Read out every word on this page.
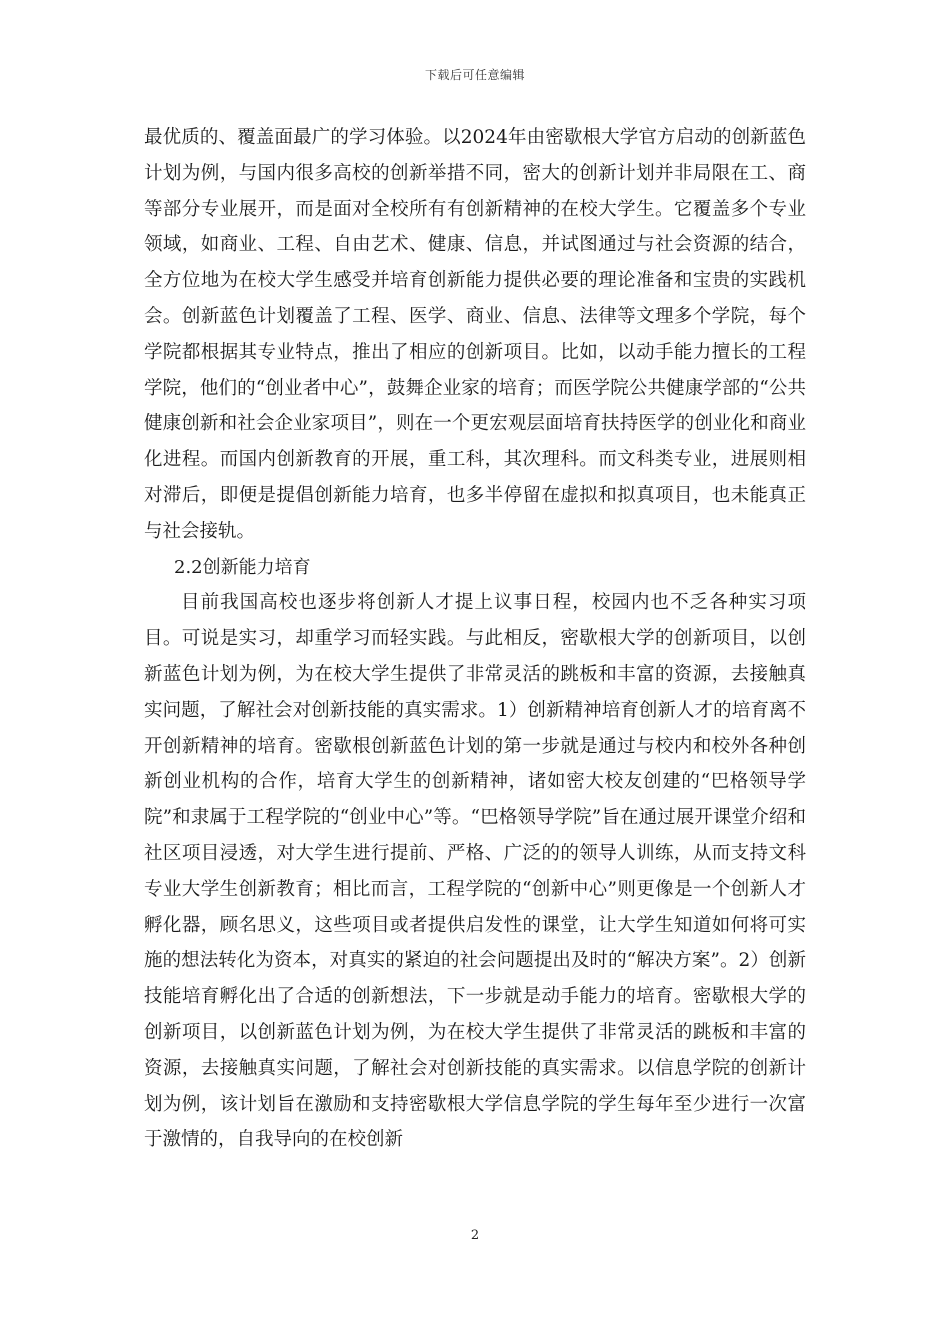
下载后可任意编辑

最优质的、覆盖面最广的学习体验。以2024年由密歇根大学官方启动的创新蓝色计划为例，与国内很多高校的创新举措不同，密大的创新计划并非局限在工、商等部分专业展开，而是面对全校所有有创新精神的在校大学生。它覆盖多个专业领域，如商业、工程、自由艺术、健康、信息，并试图通过与社会资源的结合，全方位地为在校大学生感受并培育创新能力提供必要的理论准备和宝贵的实践机会。创新蓝色计划覆盖了工程、医学、商业、信息、法律等文理多个学院，每个学院都根据其专业特点，推出了相应的创新项目。比如，以动手能力擅长的工程学院，他们的“创业者中心”，鼓舞企业家的培育；而医学院公共健康学部的“公共健康创新和社会企业家项目”，则在一个更宏观层面培育扶持医学的创业化和商业化进程。而国内创新教育的开展，重工科，其次理科。而文科类专业，进展则相对滞后，即便是提倡创新能力培育，也多半停留在虚拟和拟真项目，也未能真正与社会接轨。

2.2创新能力培育

目前我国高校也逐步将创新人才提上议事日程，校园内也不乏各种实习项目。可说是实习，却重学习而轻实践。与此相反，密歇根大学的创新项目，以创新蓝色计划为例，为在校大学生提供了非常灵活的跳板和丰富的资源，去接触真实问题，了解社会对创新技能的真实需求。1）创新精神培育创新人才的培育离不开创新精神的培育。密歇根创新蓝色计划的第一步就是通过与校内和校外各种创新创业机构的合作，培育大学生的创新精神，诸如密大校友创建的“巴格领导学院”和隶属于工程学院的“创业中心”等。“巴格领导学院”旨在通过展开课堂介绍和社区项目浸透，对大学生进行提前、严格、广泛的的领导人训练，从而支持文科专业大学生创新教育；相比而言，工程学院的“创新中心”则更像是一个创新人才孵化器，顾名思义，这些项目或者提供启发性的课堂，让大学生知道如何将可实施的想法转化为资本，对真实的紧迫的社会问题提出及时的“解决方案”。2）创新技能培育孵化出了合适的创新想法，下一步就是动手能力的培育。密歇根大学的创新项目，以创新蓝色计划为例，为在校大学生提供了非常灵活的跳板和丰富的资源，去接触真实问题，了解社会对创新技能的真实需求。以信息学院的创新计划为例，该计划旨在激励和支持密歇根大学信息学院的学生每年至少进行一次富于激情的，自我导向的在校创新

2
